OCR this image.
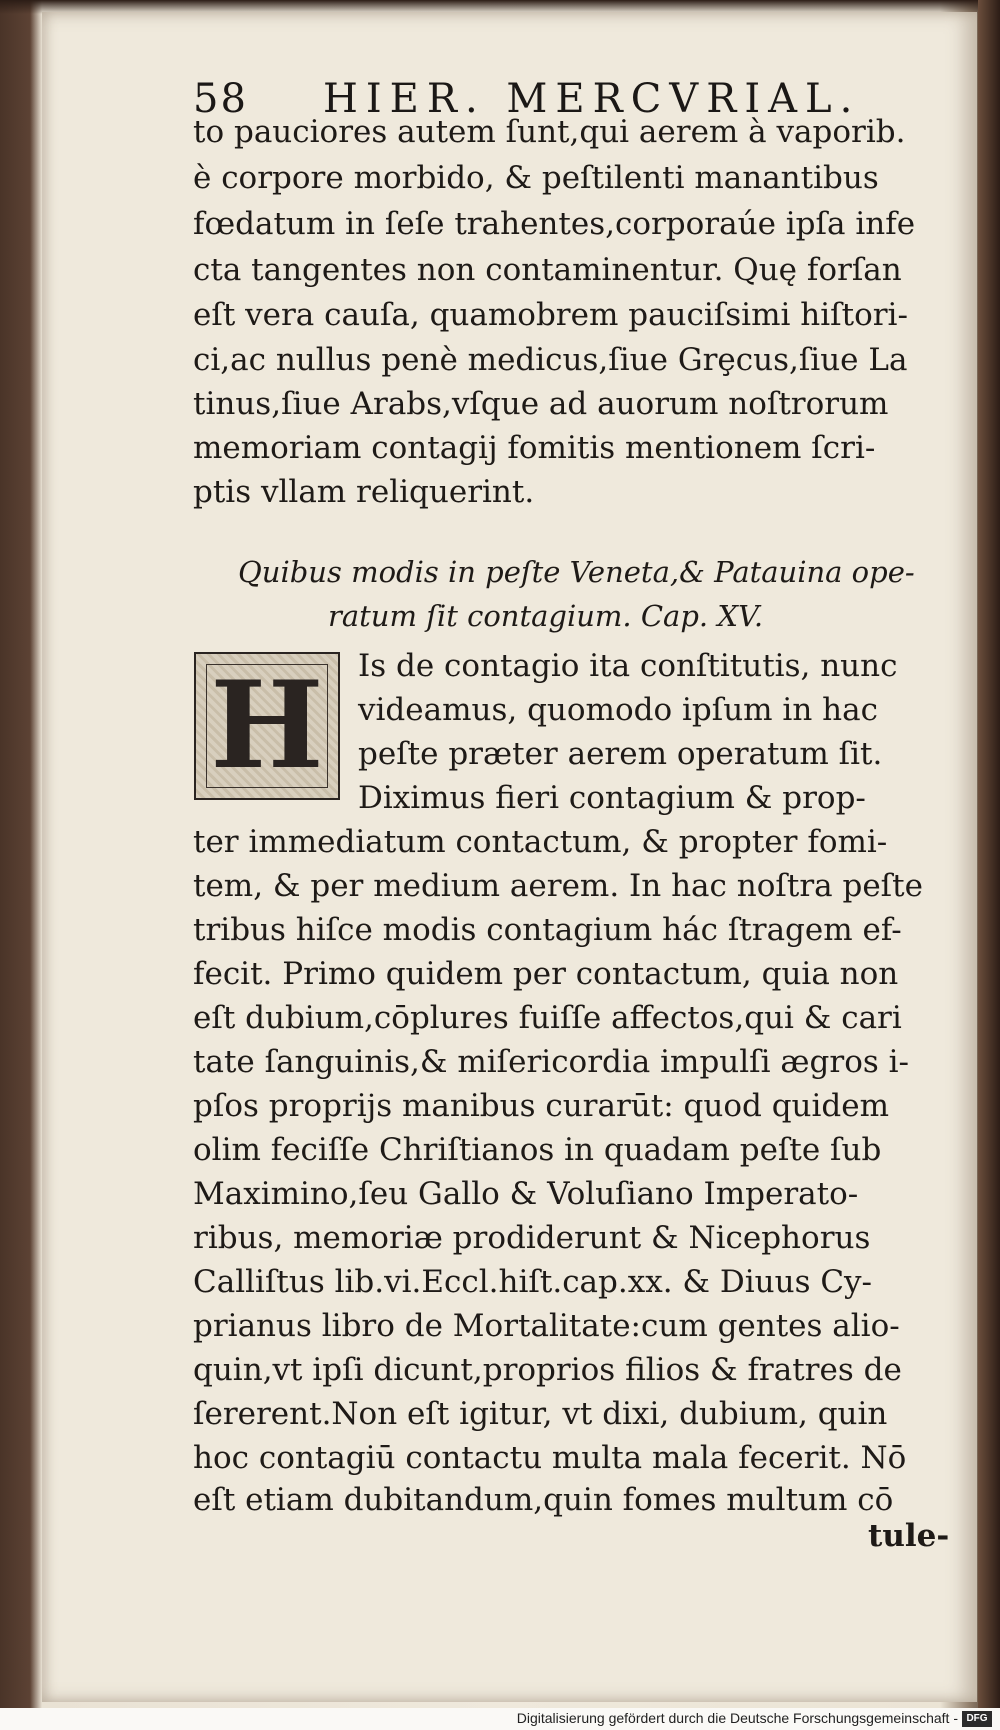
58 HIER. MERCVRIAL.
to pauciores autem ſunt,qui aerem à vaporib.
è corpore morbido, & peſtilenti manantibus
fœdatum in ſeſe trahentes,corporaúe ipſa infe
cta tangentes non contaminentur. Quę forſan
eſt vera cauſa, quamobrem pauciſsimi hiſtori-
ci,ac nullus penè medicus,ſiue Grȩcus,ſiue La
tinus,ſiue Arabs,vſque ad auorum noſtrorum
memoriam contagij fomitis mentionem ſcri-
ptis vllam reliquerint.
Quibus modis in peſte Veneta,& Patauina ope-
ratum ſit contagium. Cap. XV.
H	Is de contagio ita conſtitutis, nunc
videamus, quomodo ipſum in hac
peſte præter aerem operatum ſit.
Diximus fieri contagium & prop-
ter immediatum contactum, & propter fomi-
tem, & per medium aerem. In hac noſtra peſte
tribus hiſce modis contagium hác ſtragem ef-
fecit. Primo quidem per contactum, quia non
eſt dubium,cōplures fuiſſe affectos,qui & cari
tate ſanguinis,& miſericordia impulſi ægros i-
pſos proprijs manibus curarūt: quod quidem
olim feciſſe Chriſtianos in quadam peſte ſub
Maximino,ſeu Gallo & Voluſiano Imperato-
ribus, memoriæ prodiderunt & Nicephorus
Calliſtus lib.vi.Eccl.hiſt.cap.xx. & Diuus Cy-
prianus libro de Mortalitate:cum gentes alio-
quin,vt ipſi dicunt,proprios filios & fratres de
ſererent.Non eſt igitur, vt dixi, dubium, quin
hoc contagiū contactu multa mala fecerit. Nō
eſt etiam dubitandum,quin fomes multum cō
tule-
Digitalisierung gefördert durch die Deutsche Forschungsgemeinschaft - DFG
